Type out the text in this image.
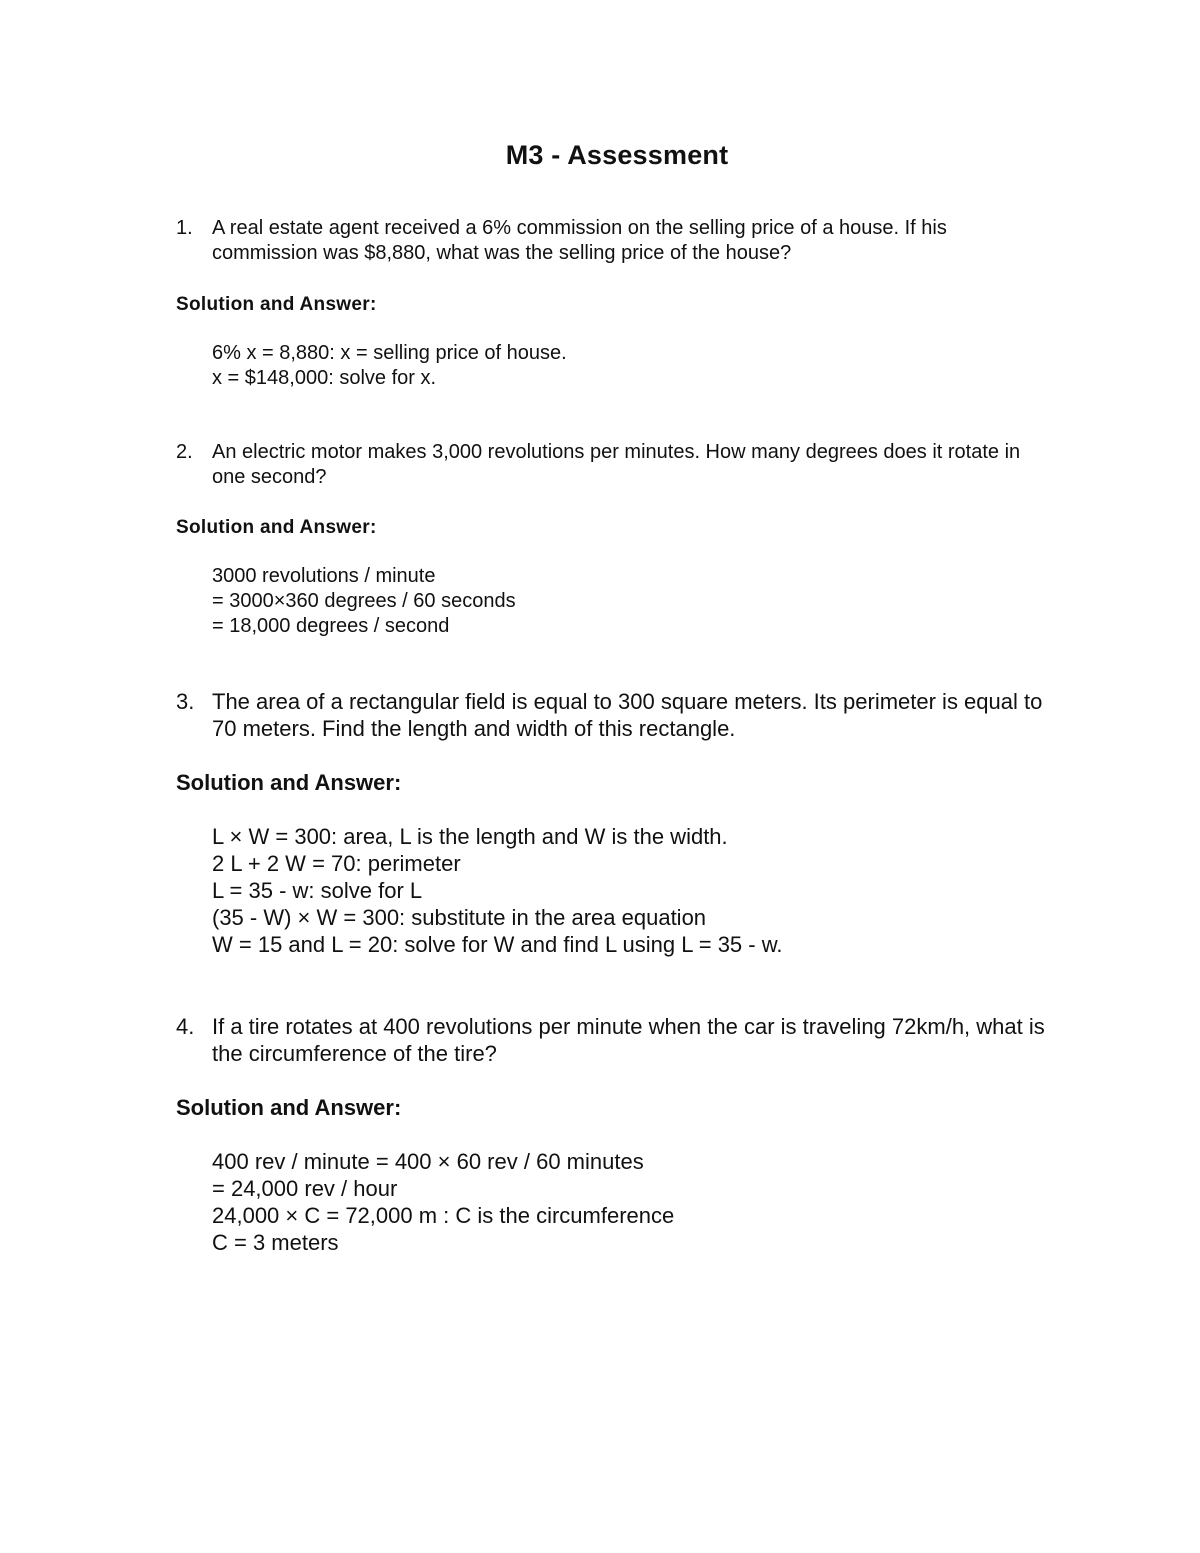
M3 - Assessment
1. A real estate agent received a 6% commission on the selling price of a house. If his commission was $8,880, what was the selling price of the house?
Solution and Answer:
6% x = 8,880: x = selling price of house.
x = $148,000: solve for x.
2. An electric motor makes 3,000 revolutions per minutes. How many degrees does it rotate in one second?
Solution and Answer:
3000 revolutions / minute
= 3000×360 degrees / 60 seconds
= 18,000 degrees / second
3. The area of a rectangular field is equal to 300 square meters. Its perimeter is equal to 70 meters. Find the length and width of this rectangle.
Solution and Answer:
L × W = 300: area, L is the length and W is the width.
2 L + 2 W = 70: perimeter
L = 35 - w: solve for L
(35 - W) × W = 300: substitute in the area equation
W = 15 and L = 20: solve for W and find L using L = 35 - w.
4. If a tire rotates at 400 revolutions per minute when the car is traveling 72km/h, what is the circumference of the tire?
Solution and Answer:
400 rev / minute = 400 × 60 rev / 60 minutes
= 24,000 rev / hour
24,000 × C = 72,000 m : C is the circumference
C = 3 meters
